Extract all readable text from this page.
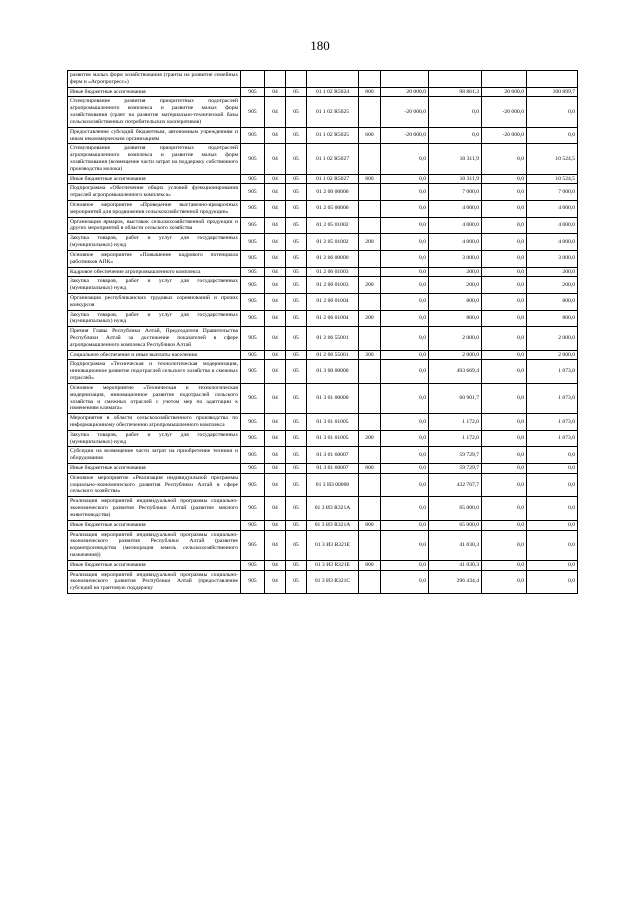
180
развитие малых форм хозяйствования (гранты на развитие семейных ферм и «Агропрогресс»)									
Иные бюджетные ассигнования	905	04	05	01 1 02 R5024	800	20 000,0	98 861,3	20 000,0	100 899,7
Стимулирование развития приоритетных подотраслей агропромышленного комплекса и развитие малых форм хозяйствования (грант на развитие материально-технической базы сельскохозяйственных потребительских кооперативов)	905	04	05	01 1 02 R5025		-20 000,0	0,0	-20 000,0	0,0
Предоставление субсидий бюджетным, автономным учреждениям и иным некоммерческим организациям	905	04	05	01 1 02 R5025	600	-20 000,0	0,0	-20 000,0	0,0
Стимулирование развития приоритетных подотраслей агропромышленного комплекса и развитие малых форм хозяйствования (возмещение части затрат на поддержку собственного производства молока)	905	04	05	01 1 02 R5027		0,0	10 311,9	0,0	10 524,5
Иные бюджетные ассигнования	905	04	05	01 1 02 R5027	800	0,0	10 311,9	0,0	10 524,5
Подпрограмма «Обеспечение общих условий функционирования отраслей агропромышленного комплекса»	905	04	05	01 2 00 00000		0,0	7 000,0	0,0	7 000,0
Основное мероприятие «Проведение выставочно-ярмарочных мероприятий для продвижения сельскохозяйственной продукции»	905	04	05	01 2 05 00000		0,0	4 000,0	0,0	4 000,0
Организация ярмарок, выставок сельскохозяйственной продукции и других мероприятий в области сельского хозяйства	905	04	05	01 2 05 01002		0,0	4 000,0	0,0	4 000,0
Закупка товаров, работ и услуг для государственных (муниципальных) нужд	905	04	05	01 2 05 01002	200	0,0	4 000,0	0,0	4 000,0
Основное мероприятие «Повышение кадрового потенциала работников АПК»	905	04	05	01 2 06 00000		0,0	3 000,0	0,0	3 000,0
Кадровое обеспечение агропромышленного комплекса	905	04	05	01 2 06 01003		0,0	200,0	0,0	200,0
Закупка товаров, работ и услуг для государственных (муниципальных) нужд	905	04	05	01 2 06 01003	200	0,0	200,0	0,0	200,0
Организация республиканских трудовых соревнований и прочих конкурсов	905	04	05	01 2 06 01004		0,0	800,0	0,0	800,0
Закупка товаров, работ и услуг для государственных (муниципальных) нужд	905	04	05	01 2 06 01004	200	0,0	800,0	0,0	800,0
Премия Главы Республики Алтай, Председателя Правительства Республики Алтай за достижение показателей в сфере агропромышленного комплекса Республики Алтай	905	04	05	01 2 06 55001		0,0	2 000,0	0,0	2 000,0
Социальное обеспечение и иные выплаты населению	905	04	05	01 2 06 55001	300	0,0	2 000,0	0,0	2 000,0
Подпрограмма «Техническая и технологическая модернизация, инновационное развитие подотраслей сельского хозяйства и смежных отраслей»	905	04	05	01 3 00 00000		0,0	493 669,4	0,0	1 073,0
Основное мероприятие «Техническая и технологическая модернизация, инновационное развитие подотраслей сельского хозяйства и смежных отраслей с учетом мер по адаптации к изменениям климата»	905	04	05	01 3 01 00000		0,0	60 901,7	0,0	1 073,0
Мероприятия в области сельскохозяйственного производства по информационному обеспечению агропромышленного комплекса	905	04	05	01 3 01 01005		0,0	1 172,0	0,0	1 073,0
Закупка товаров, работ и услуг для государственных (муниципальных) нужд	905	04	05	01 3 01 01005	200	0,0	1 172,0	0,0	1 073,0
Субсидии на возмещение части затрат на приобретение техники и оборудования	905	04	05	01 3 01 60007		0,0	59 729,7	0,0	0,0
Иные бюджетные ассигнования	905	04	05	01 3 01 60007	800	0,0	59 729,7	0,0	0,0
Основное мероприятие «Реализация индивидуальной программы социально-экономического развития Республики Алтай в сфере сельского хозяйства»	905	04	05	01 3 И3 00000		0,0	432 767,7	0,0	0,0
Реализация мероприятий индивидуальной программы социально-экономического развития Республики Алтай (развитие мясного животноводства)	905	04	05	01 3 И3 R321А		0,0	65 000,0	0,0	0,0
Иные бюджетные ассигнования	905	04	05	01 3 И3 R321А	800	0,0	65 000,0	0,0	0,0
Реализация мероприятий индивидуальной программы социально-экономического развития Республики Алтай (развитие кормопроизводства (мелиорация земель сельскохозяйственного назначения))	905	04	05	01 3 И3 R321Е		0,0	41 030,3	0,0	0,0
Иные бюджетные ассигнования	905	04	05	01 3 И3 R321Е	800	0,0	41 030,3	0,0	0,0
Реализация мероприятий индивидуальной программы социально-экономического развития Республики Алтай (предоставление субсидий на грантовую поддержку	905	04	05	01 3 И3 R321С		0,0	296 434,4	0,0	0,0
